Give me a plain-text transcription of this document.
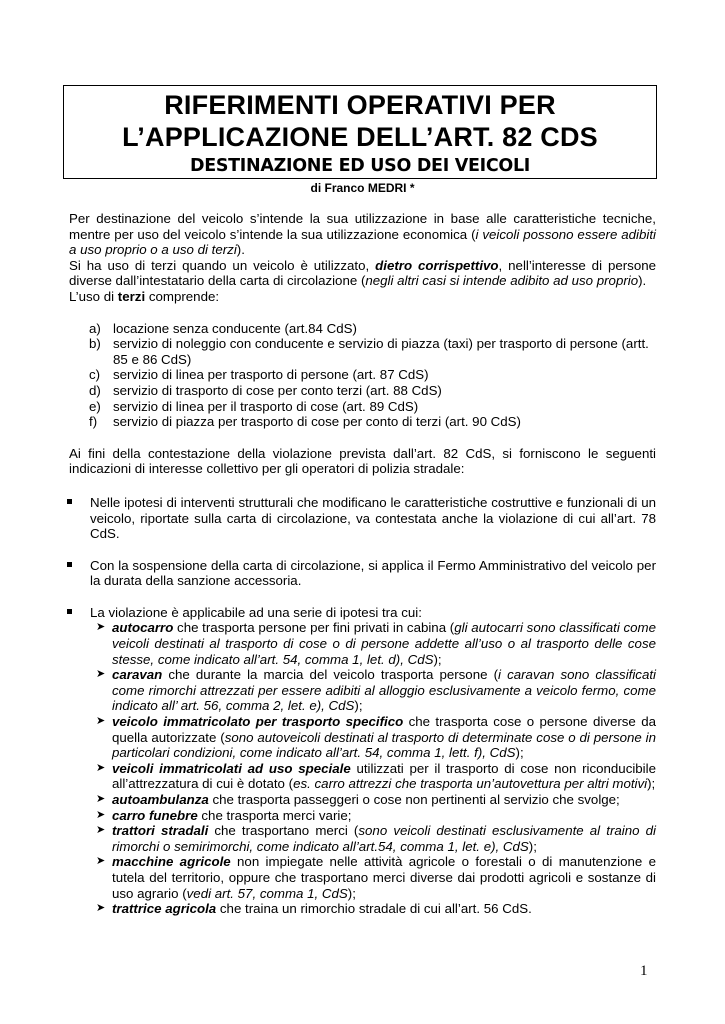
RIFERIMENTI OPERATIVI PER
L’APPLICAZIONE DELL’ART. 82 CDS
DESTINAZIONE ED USO DEI VEICOLI
di Franco MEDRI *

Per destinazione del veicolo s’intende la sua utilizzazione in base alle caratteristiche tecniche, mentre per uso del veicolo s’intende la sua utilizzazione economica (i veicoli possono essere adibiti a uso proprio o a uso di terzi).

Si ha uso di terzi quando un veicolo è utilizzato, dietro corrispettivo, nell’interesse di persone diverse dall’intestatario della carta di circolazione (negli altri casi si intende adibito ad uso proprio).

L’uso di terzi comprende:

a) locazione senza conducente (art.84 CdS)
b) servizio di noleggio con conducente e servizio di piazza (taxi) per trasporto di persone (artt. 85 e 86 CdS)
c) servizio di linea per trasporto di persone (art. 87 CdS)
d) servizio di trasporto di cose per conto terzi (art. 88 CdS)
e) servizio di linea per il trasporto di cose (art. 89 CdS)
f) servizio di piazza per trasporto di cose per conto di terzi (art. 90 CdS)

Ai fini della contestazione della violazione prevista dall’art. 82 CdS, si forniscono le seguenti indicazioni di interesse collettivo per gli operatori di polizia stradale:

Nelle ipotesi di interventi strutturali che modificano le caratteristiche costruttive e funzionali di un veicolo, riportate sulla carta di circolazione, va contestata anche la violazione di cui all’art. 78 CdS.

Con la sospensione della carta di circolazione, si applica il Fermo Amministrativo del veicolo per la durata della sanzione accessoria.

La violazione è applicabile ad una serie di ipotesi tra cui:

➤ autocarro che trasporta persone per fini privati in cabina (gli autocarri sono classificati come veicoli destinati al trasporto di cose o di persone addette all’uso o al trasporto delle cose stesse, come indicato all’art. 54, comma 1, let. d), CdS);
➤ caravan che durante la marcia del veicolo trasporta persone (i caravan sono classificati come rimorchi attrezzati per essere adibiti al alloggio esclusivamente a veicolo fermo, come indicato all’ art. 56, comma 2, let. e), CdS);
➤ veicolo immatricolato per trasporto specifico che trasporta cose o persone diverse da quella autorizzate (sono autoveicoli destinati al trasporto di determinate cose o di persone in particolari condizioni, come indicato all’art. 54, comma 1, lett. f), CdS);
➤ veicoli immatricolati ad uso speciale utilizzati per il trasporto di cose non riconducibile all’attrezzatura di cui è dotato (es. carro attrezzi che trasporta un’autovettura per altri motivi);
➤ autoambulanza che trasporta passeggeri o cose non pertinenti al servizio che svolge;
➤ carro funebre che trasporta merci varie;
➤ trattori stradali che trasportano merci (sono veicoli destinati esclusivamente al traino di rimorchi o semirimorchi, come indicato all’art.54, comma 1, let. e), CdS);
➤ macchine agricole non impiegate nelle attività agricole o forestali o di manutenzione e tutela del territorio, oppure che trasportano merci diverse dai prodotti agricoli e sostanze di uso agrario (vedi art. 57, comma 1, CdS);
➤ trattrice agricola che traina un rimorchio stradale di cui all’art. 56 CdS.
1
